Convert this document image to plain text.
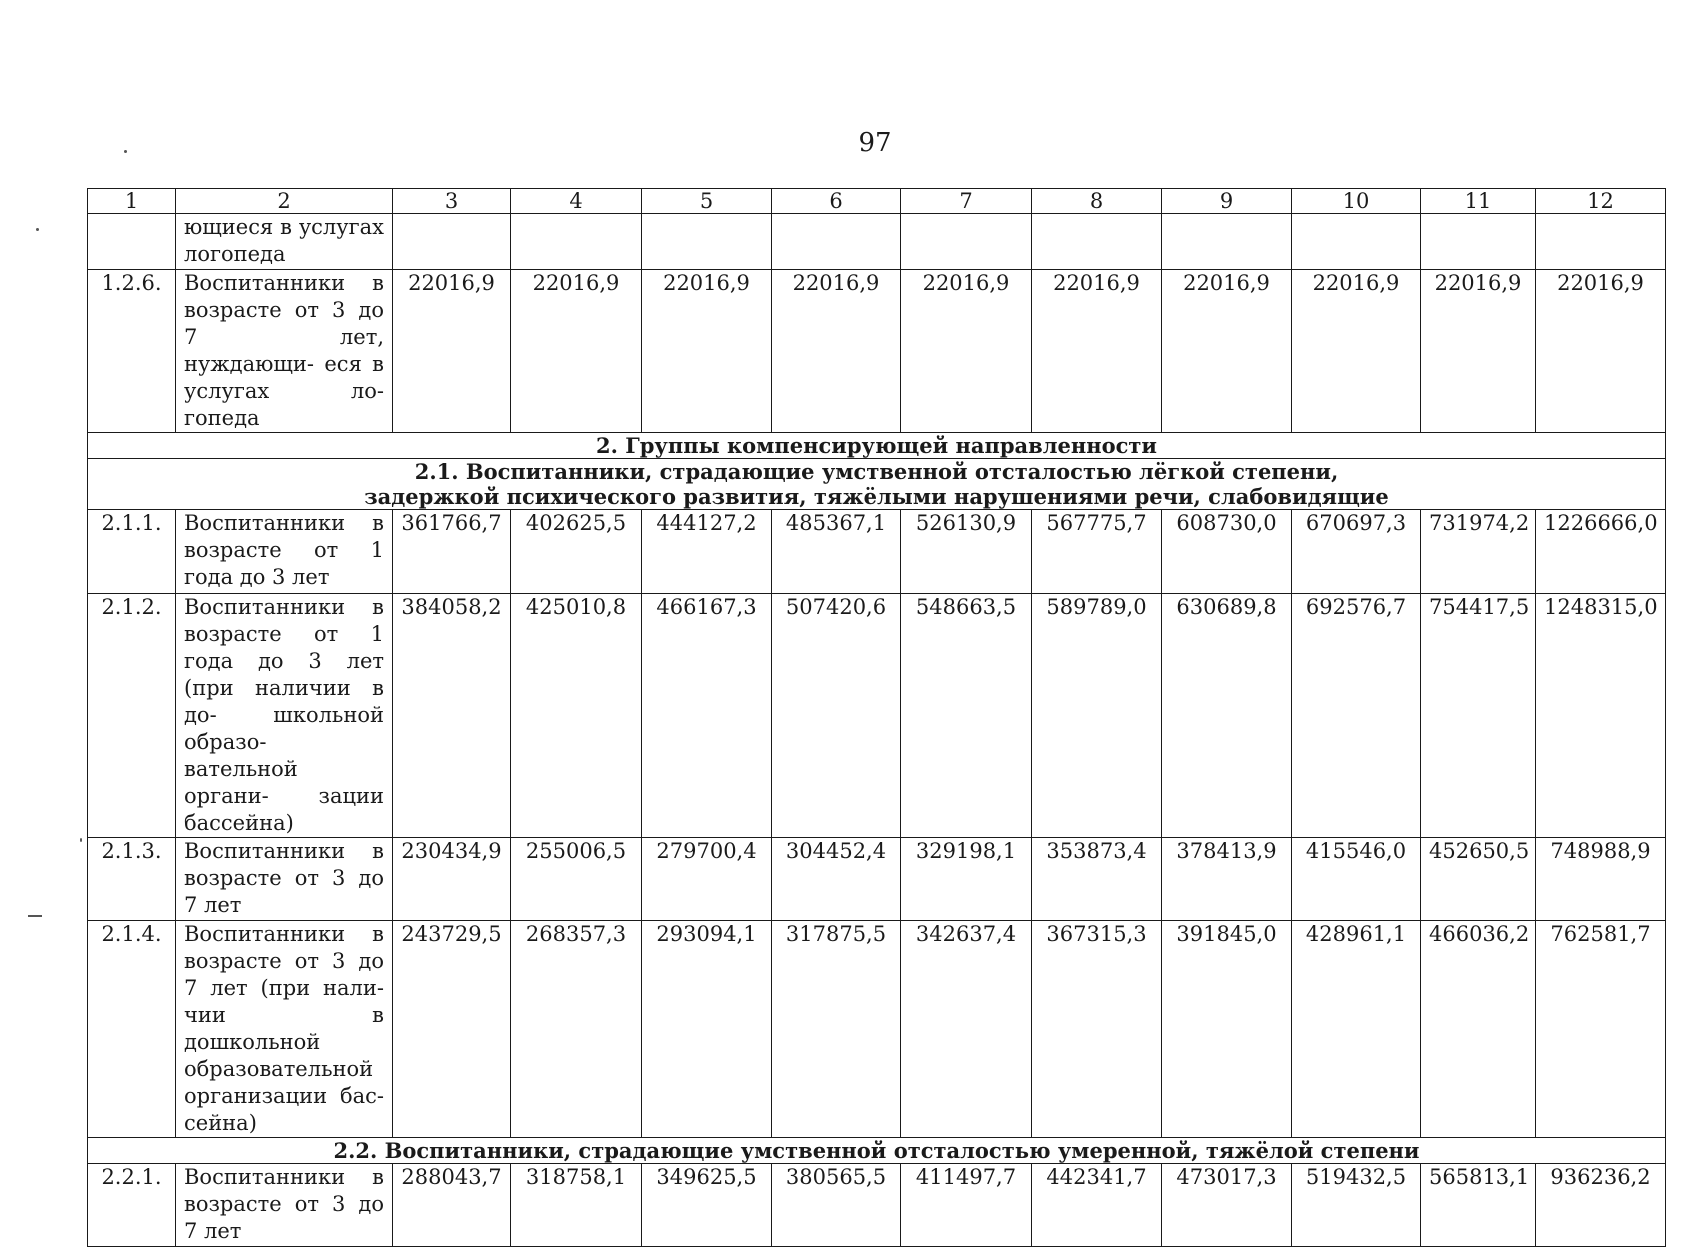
97
1	2	3	4	5	6	7	8	9	10	11	12
	ющиеся в услугах логопеда										
1.2.6.	Воспитанники в возрасте от 3 до 7 лет, нуждающи- еся в услугах ло- гопеда	22016,9	22016,9	22016,9	22016,9	22016,9	22016,9	22016,9	22016,9	22016,9	22016,9
2. Группы компенсирующей направленности											

2.1. Воспитанники, страдающие умственной отсталостью лёгкой степени,
задержкой психического развития, тяжёлыми нарушениями речи, слабовидящие											

2.1.1.	Воспитанники в возрасте от 1 года до 3 лет	361766,7	402625,5	444127,2	485367,1	526130,9	567775,7	608730,0	670697,3	731974,2	1226666,0
2.1.2.	Воспитанники в возрасте от 1 года до 3 лет (при наличии в до- школьной образо- вательной органи- зации бассейна)	384058,2	425010,8	466167,3	507420,6	548663,5	589789,0	630689,8	692576,7	754417,5	1248315,0
2.1.3.	Воспитанники в возрасте от 3 до 7 лет	230434,9	255006,5	279700,4	304452,4	329198,1	353873,4	378413,9	415546,0	452650,5	748988,9
2.1.4.	Воспитанники в возрасте от 3 до 7 лет (при нали- чии в дошкольной образовательной организации бас- сейна)	243729,5	268357,3	293094,1	317875,5	342637,4	367315,3	391845,0	428961,1	466036,2	762581,7
2.2. Воспитанники, страдающие умственной отсталостью умеренной, тяжёлой степени											
2.2.1.	Воспитанники в возрасте от 3 до 7 лет	288043,7	318758,1	349625,5	380565,5	411497,7	442341,7	473017,3	519432,5	565813,1	936236,2
